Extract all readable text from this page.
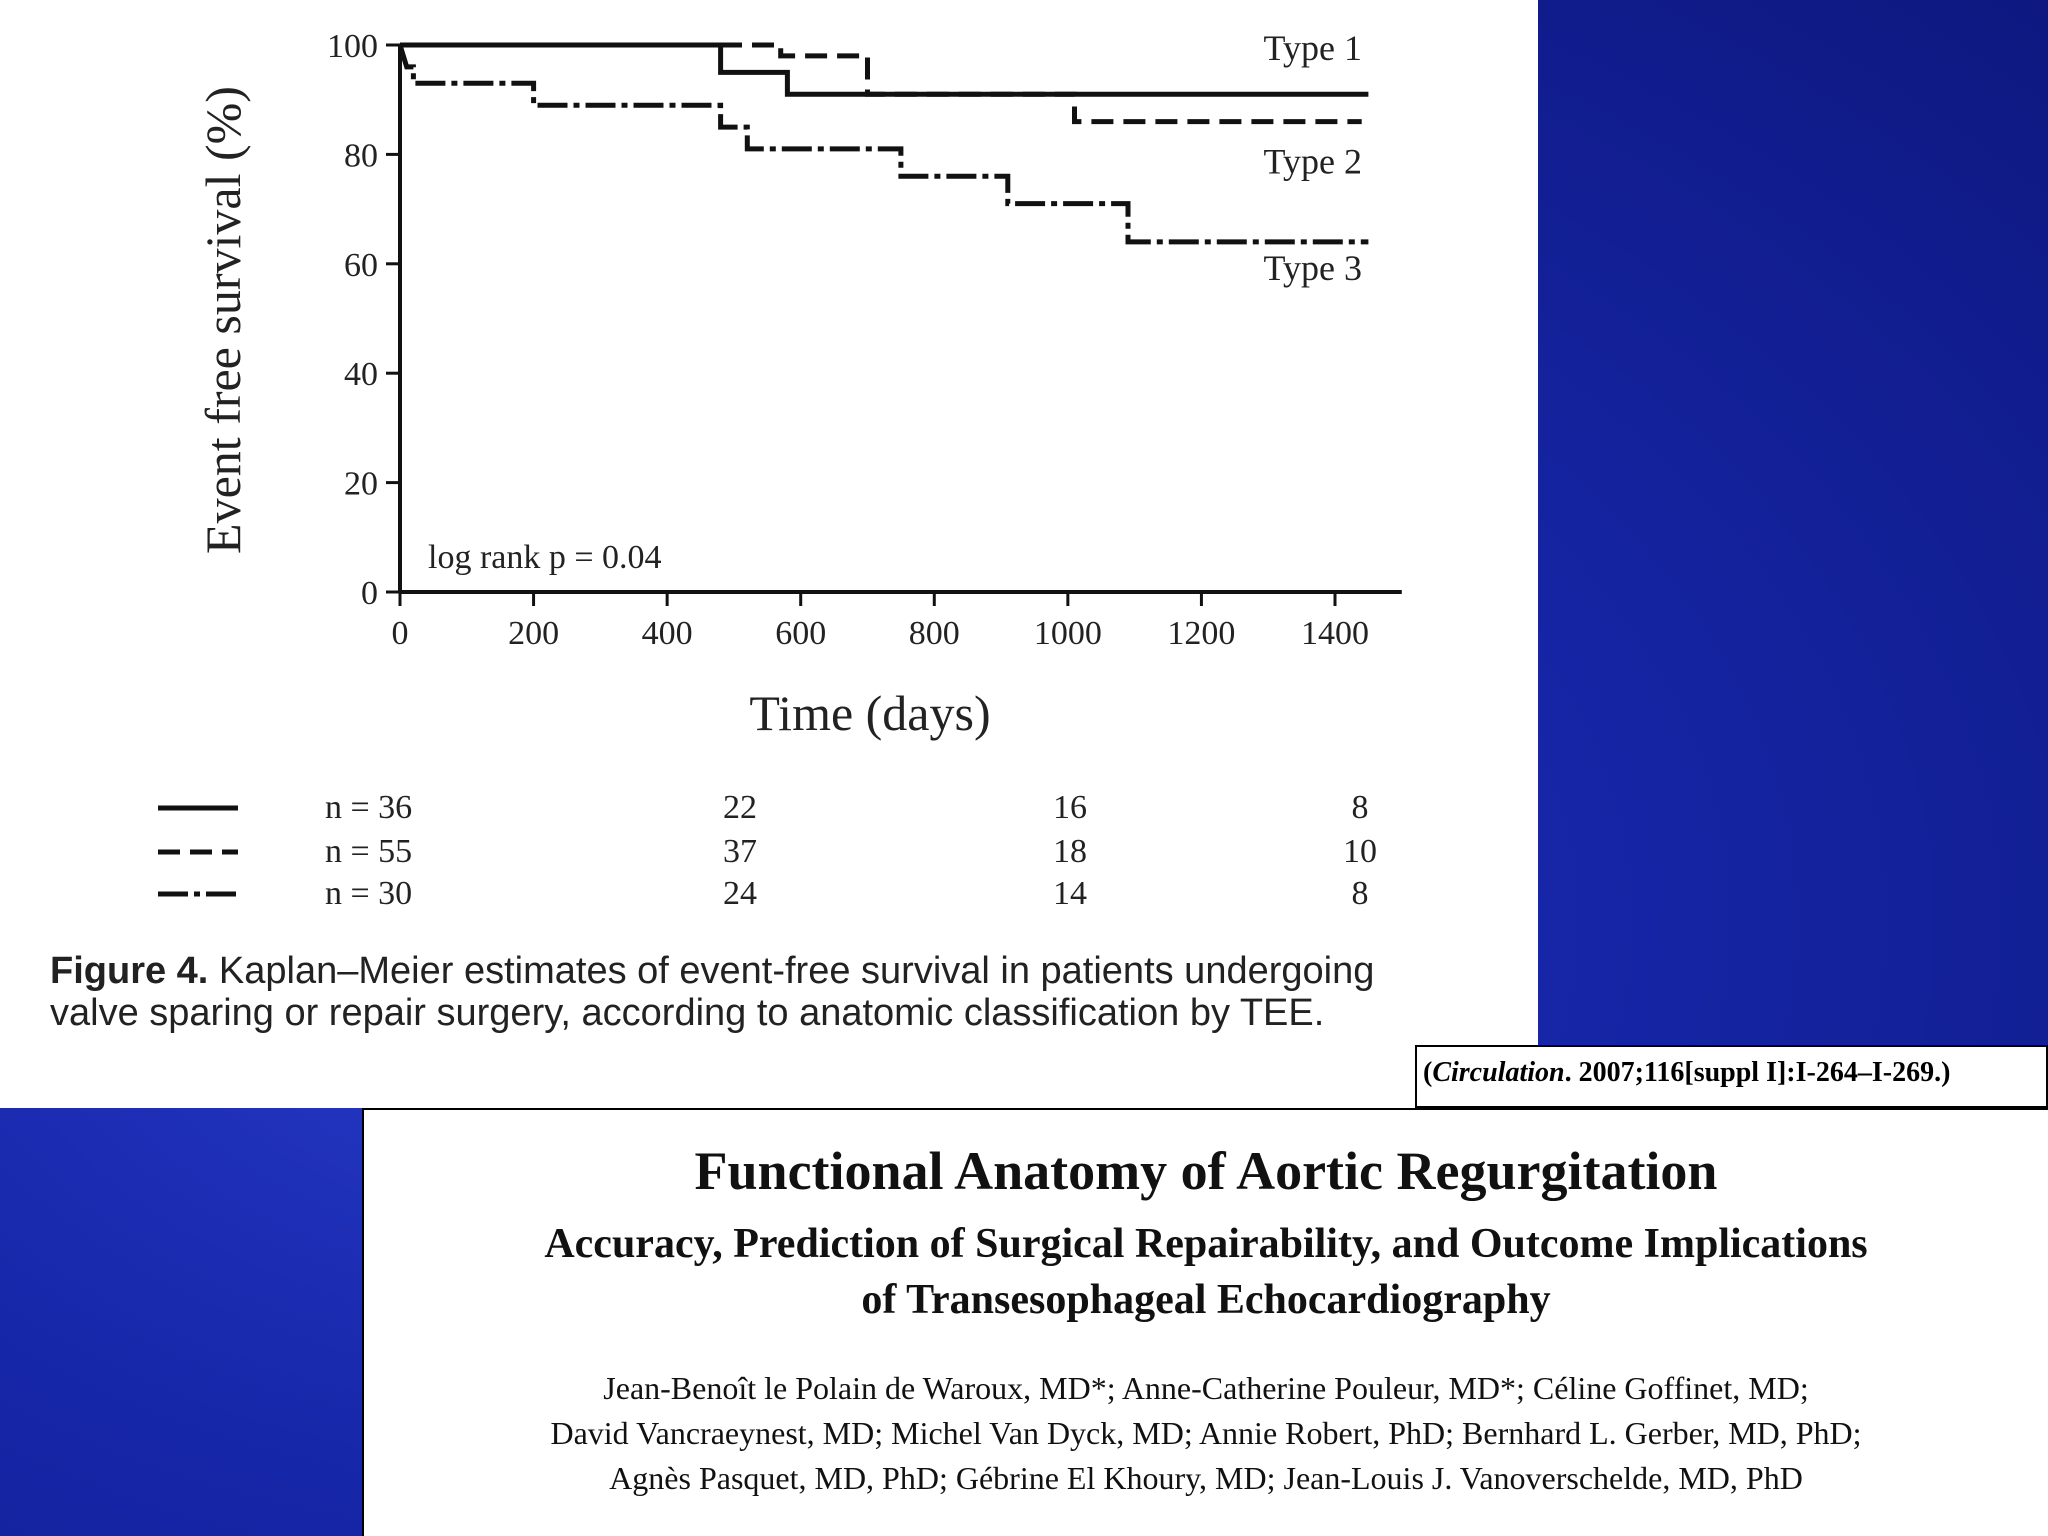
0
20
40
60
80
100
0	200 400 600 800 1000 1200 1400
Time (days)
Event free survival (%)
log rank p = 0.04
Type 1
Type 2
Type 3
n = 36	22	16	8
n = 55	37	18	10
n = 30	24	14	8
Figure 4. Kaplan–Meier estimates of event-free survival in patients undergoing valve sparing or repair surgery, according to anatomic classification by TEE.
(Circulation. 2007;116[suppl I]:I-264–I-269.)
Functional Anatomy of Aortic Regurgitation
Accuracy, Prediction of Surgical Repairability, and Outcome Implications
of Transesophageal Echocardiography
Jean-Benoît le Polain de Waroux, MD*; Anne-Catherine Pouleur, MD*; Céline Goffinet, MD;
David Vancraeynest, MD; Michel Van Dyck, MD; Annie Robert, PhD; Bernhard L. Gerber, MD, PhD;
Agnès Pasquet, MD, PhD; Gébrine El Khoury, MD; Jean-Louis J. Vanoverschelde, MD, PhD
